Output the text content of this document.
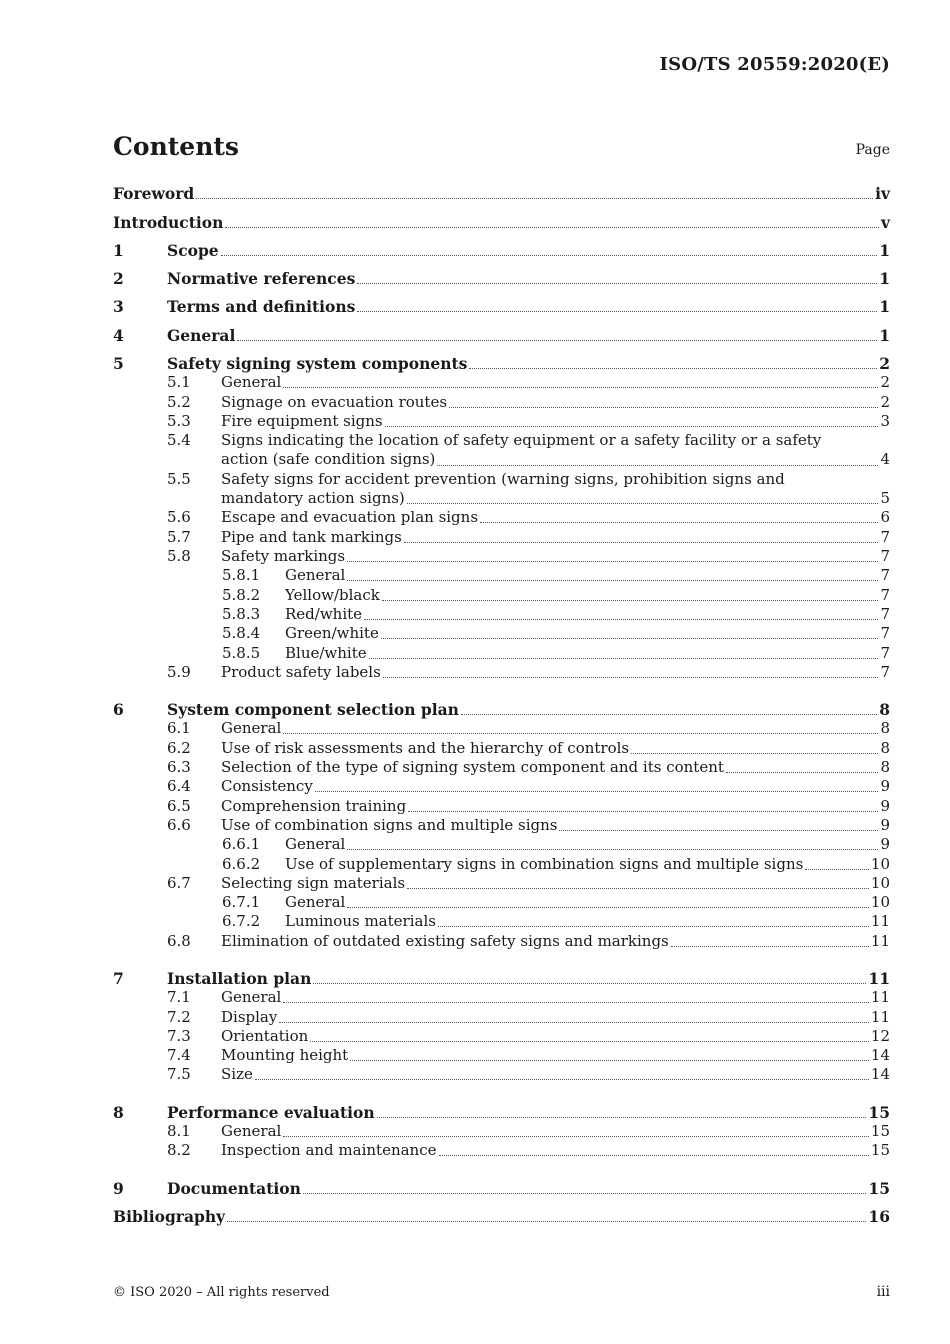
ISO/TS 20559:2020(E)
Contents	Page
Foreword	iv
Introduction	v
1	Scope	1
2	Normative references	1
3	Terms and definitions	1
4	General	1
5	Safety signing system components	2
5.1	General	2
5.2	Signage on evacuation routes	2
5.3	Fire equipment signs	3
5.4	Signs indicating the location of safety equipment or a safety facility or a safety
action (safe condition signs)	4
5.5	Safety signs for accident prevention (warning signs, prohibition signs and
mandatory action signs)	5
5.6	Escape and evacuation plan signs	6
5.7	Pipe and tank markings	7
5.8	Safety markings	7
5.8.1	General	7
5.8.2	Yellow/black	7
5.8.3	Red/white	7
5.8.4	Green/white	7
5.8.5	Blue/white	7
5.9	Product safety labels	7
6	System component selection plan	8
6.1	General	8
6.2	Use of risk assessments and the hierarchy of controls	8
6.3	Selection of the type of signing system component and its content	8
6.4	Consistency	9
6.5	Comprehension training	9
6.6	Use of combination signs and multiple signs	9
6.6.1	General	9
6.6.2	Use of supplementary signs in combination signs and multiple signs	10
6.7	Selecting sign materials	10
6.7.1	General	10
6.7.2	Luminous materials	11
6.8	Elimination of outdated existing safety signs and markings	11
7	Installation plan	11
7.1	General	11
7.2	Display	11
7.3	Orientation	12
7.4	Mounting height	14
7.5	Size	14
8	Performance evaluation	15
8.1	General	15
8.2	Inspection and maintenance	15
9	Documentation	15
Bibliography	16
© ISO 2020 – All rights reserved	iii
